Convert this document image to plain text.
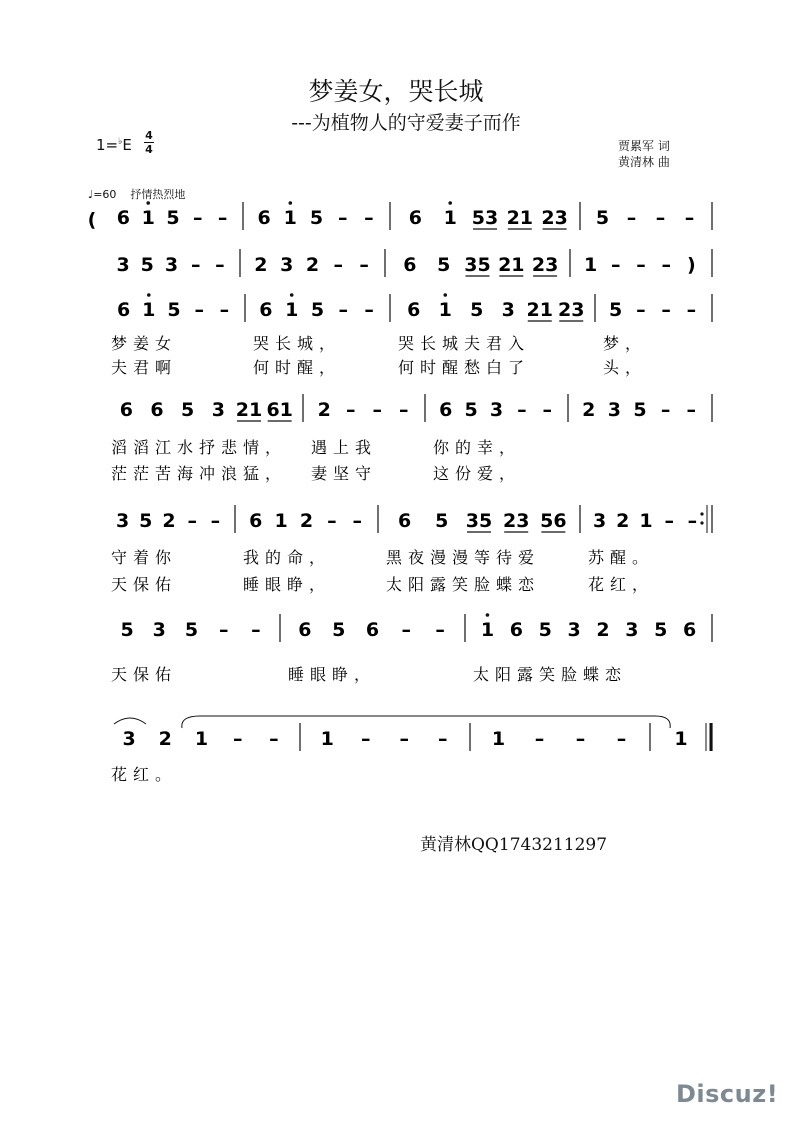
梦姜女，哭长城
---为植物人的守爱妻子而作
1=♭E
4
4	贾累军 词
黄清林 曲
♩=60 抒情热烈地
( 6 1 5 – – 6 1 5 – – 6 1 53 21 23 5 – – –
3 5 3 – – 2 3 2 – – 6 5 35 21 23 1 – – – )
6 1 5 – – 6 1 5 – – 6 1 5 3 21 23 5 – – –
梦姜女	哭长城，	哭长城夫君入	梦，
夫君啊	何时醒，	何时醒愁白了	头，
6 6 5 3 21 61 2 – – – 6 5 3 – – 2 3 5 – –
滔滔江水抒悲情， 遇上我	你的幸，
茫茫苦海冲浪猛， 妻坚守	这份爱，
3 5 2 – – 6 1 2 – – 6 5 35 23 56 3 2 1 – –
守着你	我的命，	黑夜漫漫等待爱	苏醒。
天保佑	睡眼睁，	太阳露笑脸蝶恋	花红，
5 3 5 – – 6 5 6 – – 1 6 5 3 2 3 5 6
天保佑	睡眼睁，	太阳露笑脸蝶恋
3 2 1 – – 1 – – – 1 – – –	1
花红。
黄清林QQ1743211297
Discuz!
